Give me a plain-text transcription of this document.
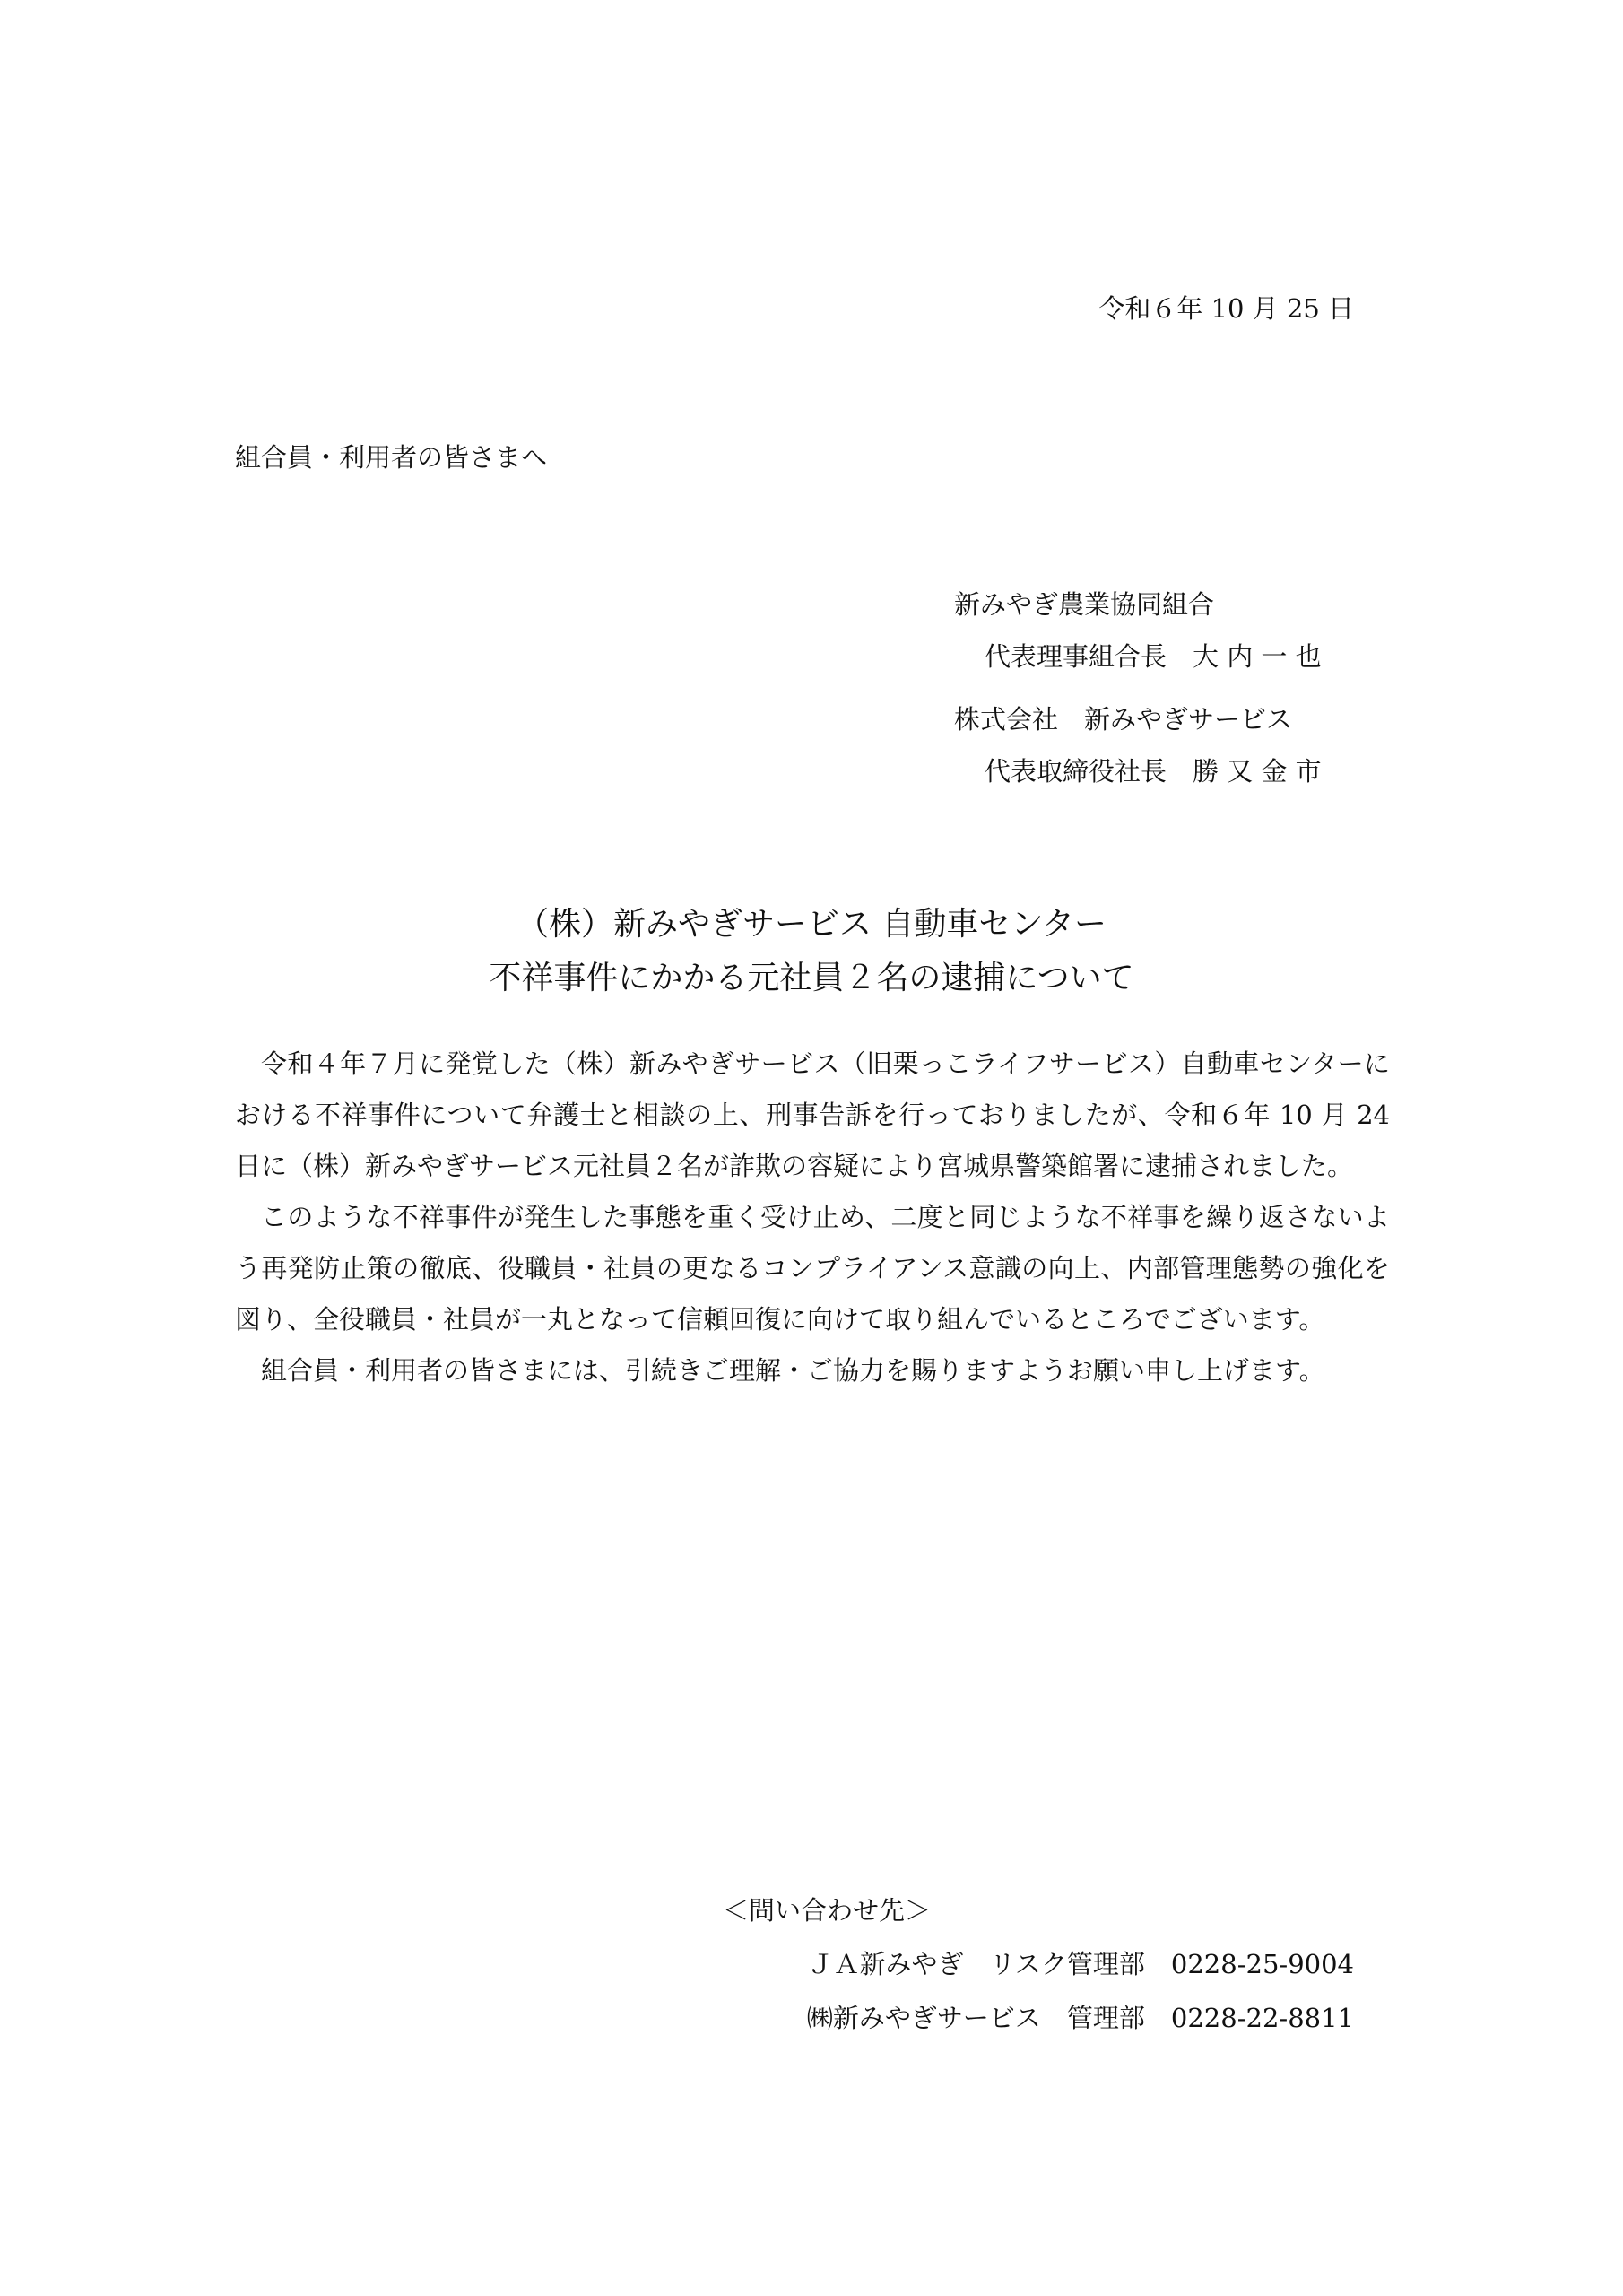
令和６年 10 月 25 日
組合員・利用者の皆さまへ
新みやぎ農業協同組合
代表理事組合長　大 内 一 也
株式会社　新みやぎサービス
代表取締役社長　勝 又 金 市
（株）新みやぎサービス 自動車センター
不祥事件にかかる元社員２名の逮捕について

令和４年７月に発覚した（株）新みやぎサービス（旧栗っこライフサービス）自動車センターにおける不祥事件について弁護士と相談の上、刑事告訴を行っておりましたが、令和６年 10 月 24 日に（株）新みやぎサービス元社員２名が詐欺の容疑により宮城県警築館署に逮捕されました。

このような不祥事件が発生した事態を重く受け止め、二度と同じような不祥事を繰り返さないよう再発防止策の徹底、役職員・社員の更なるコンプライアンス意識の向上、内部管理態勢の強化を図り、全役職員・社員が一丸となって信頼回復に向けて取り組んでいるところでございます。

組合員・利用者の皆さまには、引続きご理解・ご協力を賜りますようお願い申し上げます。

＜問い合わせ先＞
ＪＡ新みやぎ　リスク管理部　0228-25-9004
㈱新みやぎサービス　管理部　0228-22-8811
